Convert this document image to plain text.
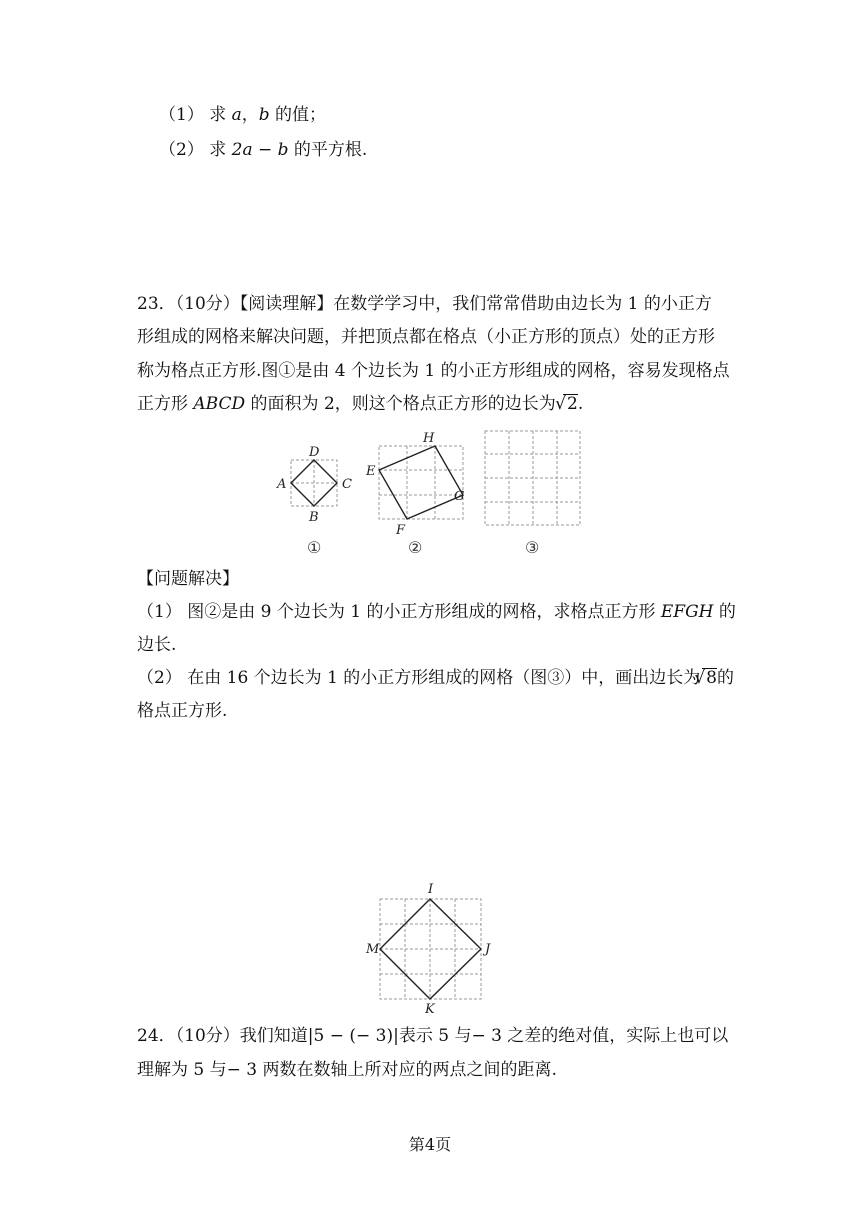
（1） 求 a，b 的值；
（2） 求 2a − b 的平方根.
23．（10分）【阅读理解】在数学学习中，我们常常借助由边长为 1 的小正方
形组成的网格来解决问题，并把顶点都在格点（小正方形的顶点）处的正方形
称为格点正方形.图①是由 4 个边长为 1 的小正方形组成的网格，容易发现格点
正方形 ABCD 的面积为 2，则这个格点正方形的边长为 √ 2.
D
A	C
B
H
E
G
F
①	②	③
【问题解决】
（1） 图②是由 9 个边长为 1 的小正方形组成的网格，求格点正方形 EFGH 的
边长.
（2） 在由 16 个边长为 1 的小正方形组成的网格（图③）中，画出边长为√ 8的
格点正方形.
I
M	J
K
24．（10分）我们知道|5 − (− 3)|表示 5 与− 3 之差的绝对值，实际上也可以
理解为 5 与− 3 两数在数轴上所对应的两点之间的距离.
第4页
